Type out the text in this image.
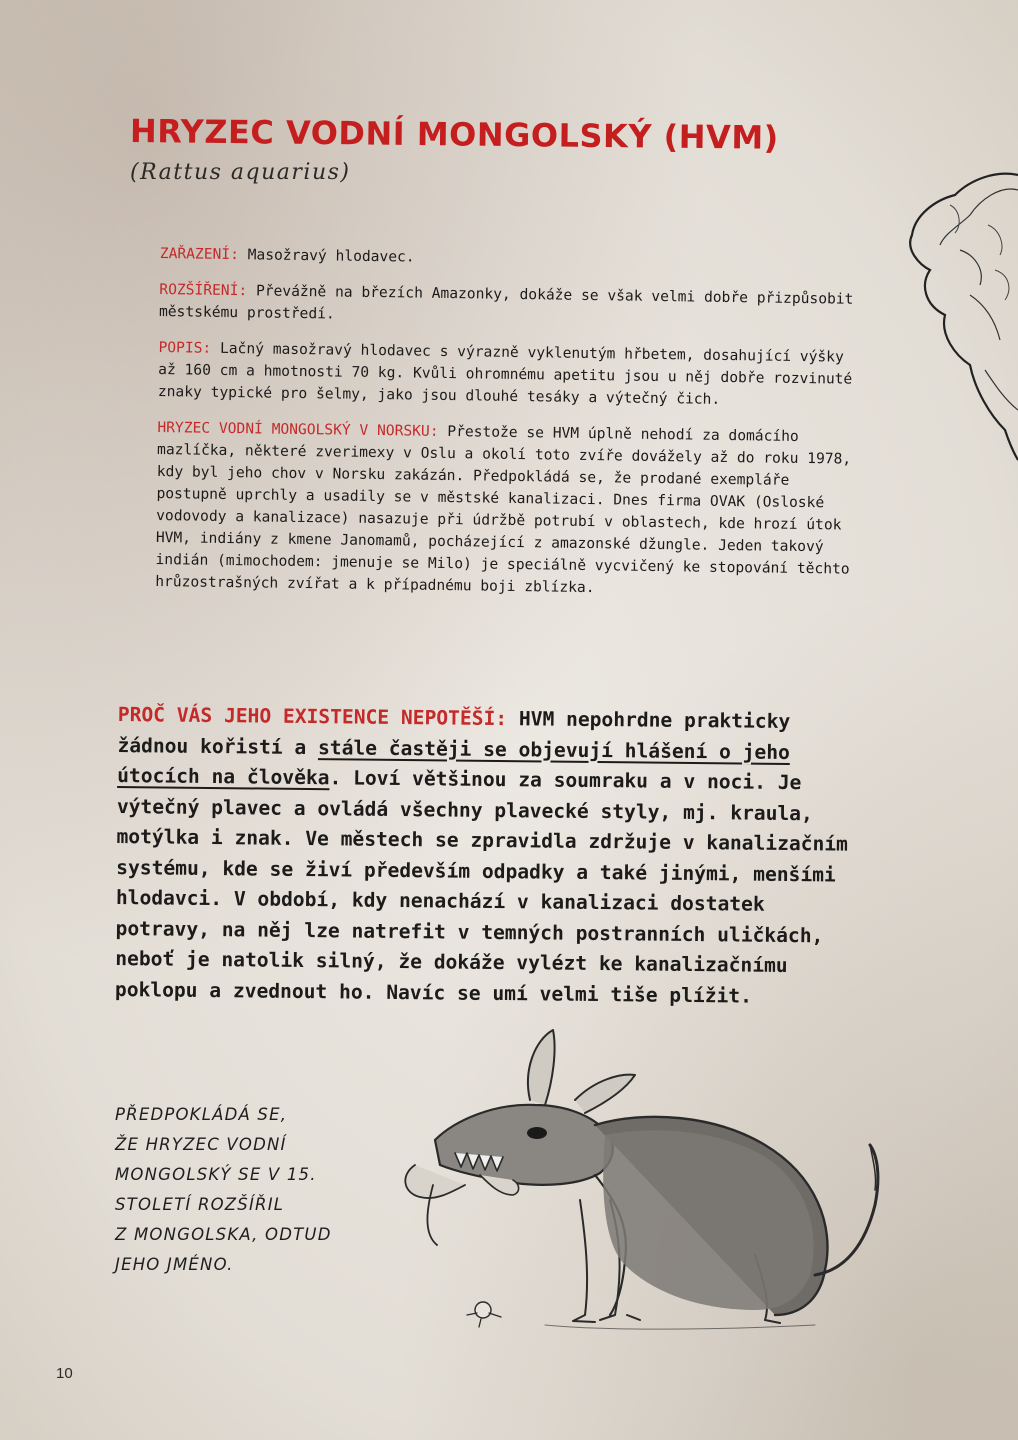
HRYZEC VODNÍ MONGOLSKÝ (HVM)
(Rattus aquarius)

ZAŘAZENÍ: Masožravý hlodavec.

ROZŠÍŘENÍ: Převážně na březích Amazonky, dokáže se však velmi dobře přizpůsobit městskému prostředí.

POPIS: Lačný masožravý hlodavec s výrazně vyklenutým hřbetem, dosahující výšky až 160 cm a hmotnosti 70 kg. Kvůli ohromnému apetitu jsou u něj dobře rozvinuté znaky typické pro šelmy, jako jsou dlouhé tesáky a výtečný čich.

HRYZEC VODNÍ MONGOLSKÝ V NORSKU: Přestože se HVM úplně nehodí za domácího mazlíčka, některé zverimexy v Oslu a okolí toto zvíře dovážely až do roku 1978, kdy byl jeho chov v Norsku zakázán. Předpokládá se, že prodané exempláře postupně uprchly a usadily se v městské kanalizaci. Dnes firma OVAK (Osloské vodovody a kanalizace) nasazuje při údržbě potrubí v oblastech, kde hrozí útok HVM, indiány z kmene Janomamů, pocházející z amazonské džungle. Jeden takový indián (mimochodem: jmenuje se Milo) je speciálně vycvičený ke stopování těchto hrůzostrašných zvířat a k případnému boji zblízka.

PROČ VÁS JEHO EXISTENCE NEPOTĚŠÍ: HVM nepohrdne prakticky žádnou kořistí a stále častěji se objevují hlášení o jeho útocích na člověka. Loví většinou za soumraku a v noci. Je výtečný plavec a ovládá všechny plavecké styly, mj. kraula, motýlka i znak. Ve městech se zpravidla zdržuje v kanalizačním systému, kde se živí především odpadky a také jinými, menšími hlodavci. V období, kdy nenachází v kanalizaci dostatek potravy, na něj lze natrefit v temných postranních uličkách, neboť je natolik silný, že dokáže vylézt ke kanalizačnímu poklopu a zvednout ho. Navíc se umí velmi tiše plížit.
PŘEDPOKLÁDÁ SE,
ŽE HRYZEC VODNÍ
MONGOLSKÝ SE V 15.
STOLETÍ ROZŠÍŘIL
Z MONGOLSKA, ODTUD
JEHO JMÉNO.
10
